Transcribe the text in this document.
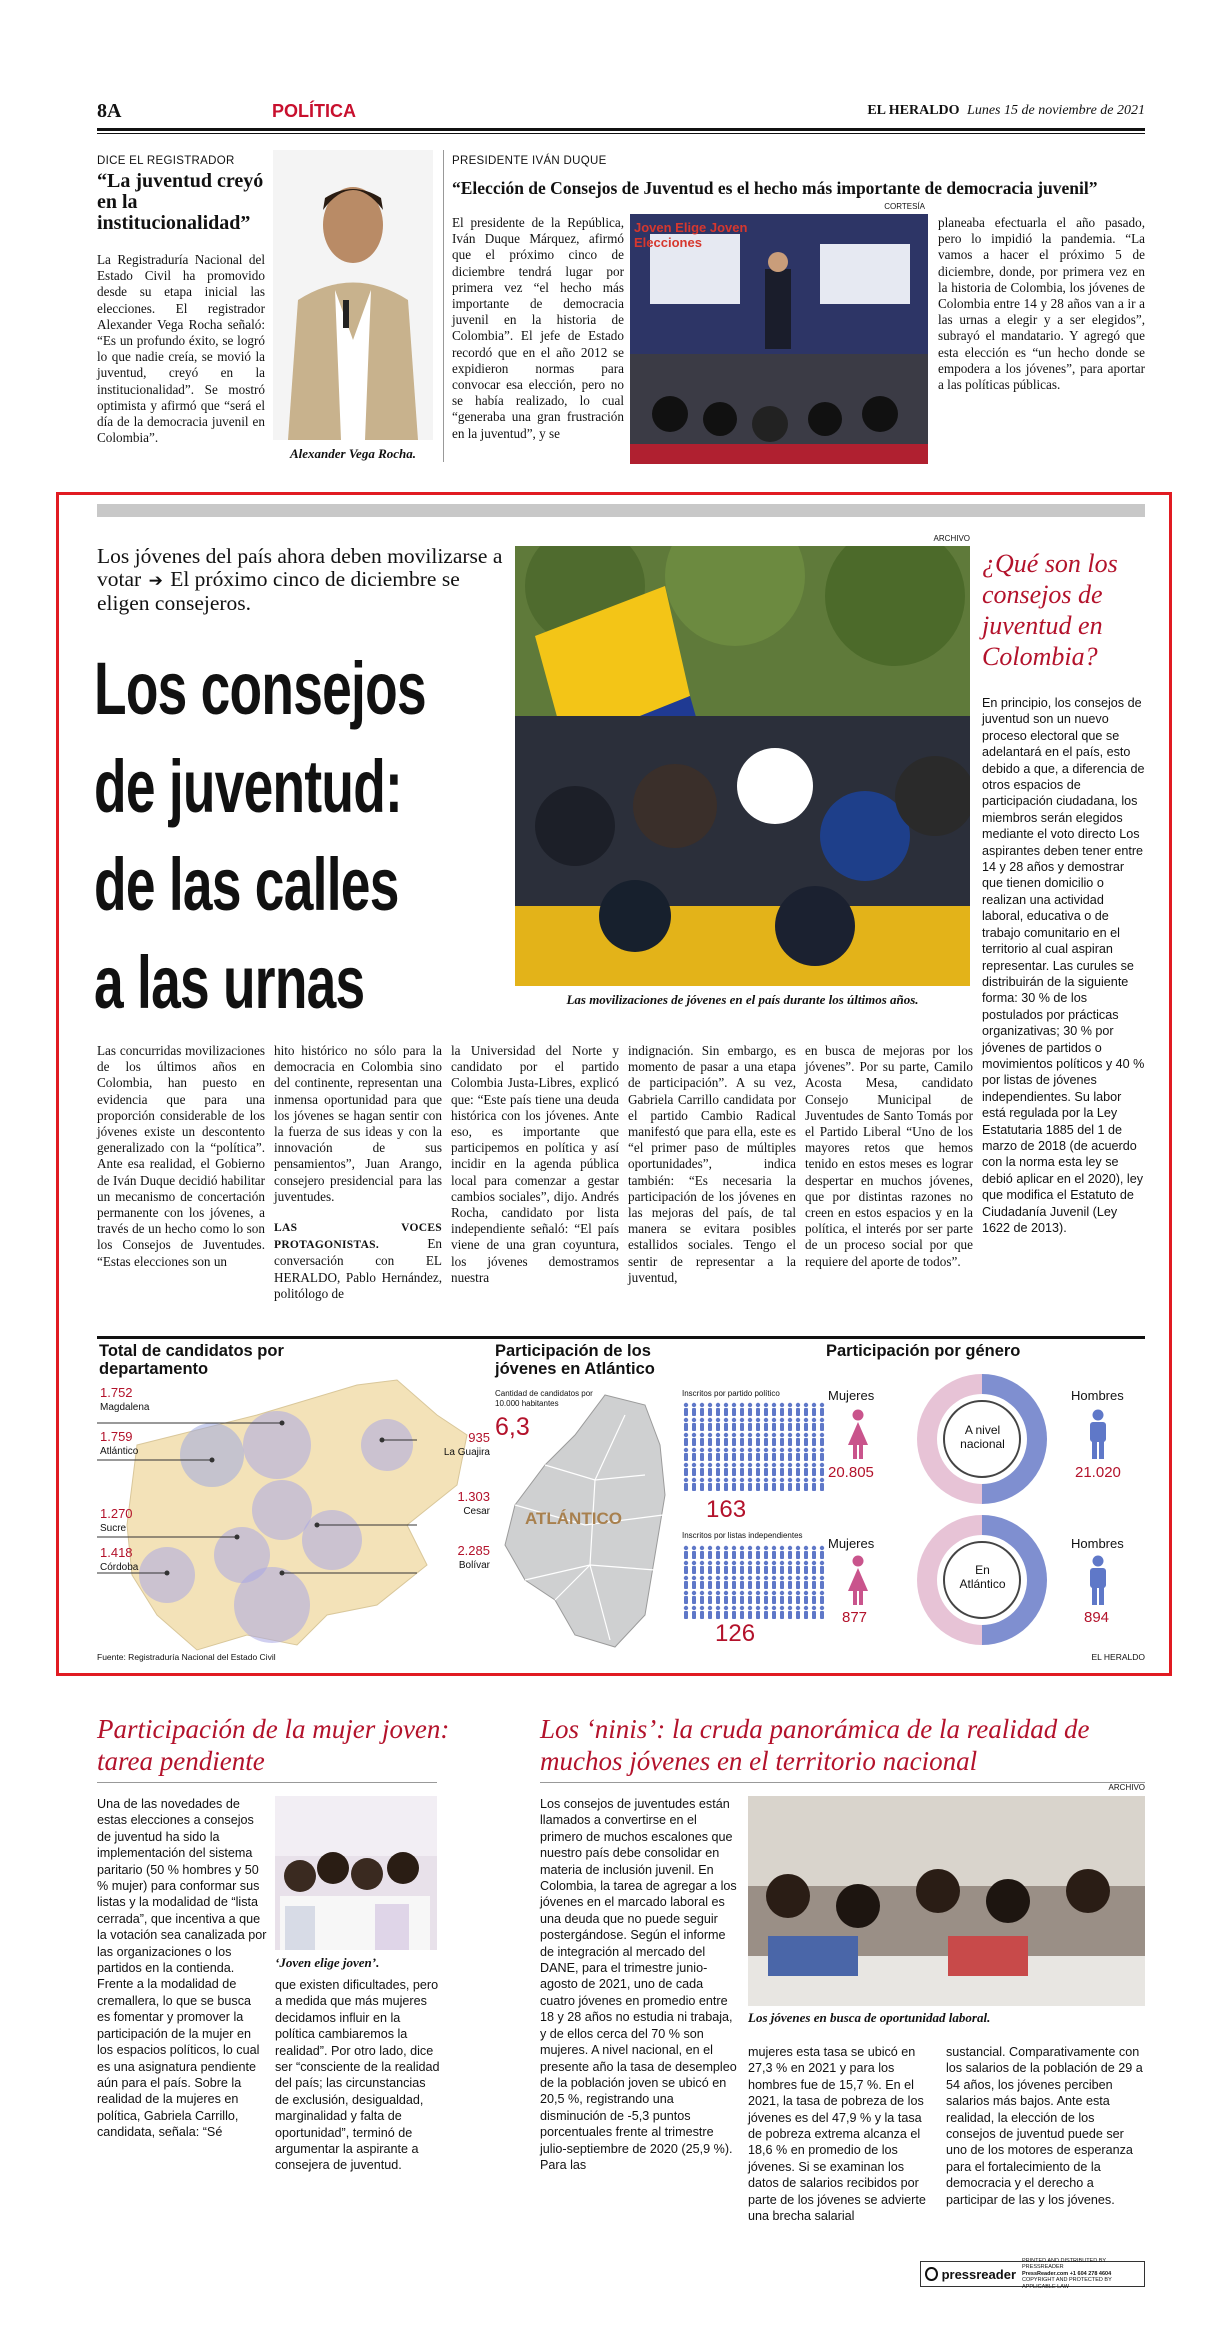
8A	POLÍTICA	EL HERALDO Lunes 15 de noviembre de 2021
DICE EL REGISTRADOR
“La juventud creyó en la institucionalidad”
La Registraduría Nacional del Estado Civil ha promovido desde su etapa inicial las elecciones. El registrador Alexander Vega Rocha señaló: “Es un profundo éxito, se logró lo que nadie creía, se movió la juventud, creyó en la institucionalidad”. Se mostró optimista y afirmó que “será el día de la democracia juvenil en Colombia”.
Alexander Vega Rocha.
PRESIDENTE IVÁN DUQUE
“Elección de Consejos de Juventud es el hecho más importante de democracia juvenil”
CORTESÍA
El presidente de la República, Iván Duque Márquez, afirmó que el próximo cinco de diciembre tendrá lugar por primera vez “el hecho más importante de democracia juvenil en la historia de Colombia”. El jefe de Estado recordó que en el año 2012 se expidieron normas para convocar esa elección, pero no se había realizado, lo cual “generaba una gran frustración en la juventud”, y se
Joven Elige Joven Elecciones
planeaba efectuarla el año pasado, pero lo impidió la pandemia. “La vamos a hacer el próximo 5 de diciembre, donde, por primera vez en la historia de Colombia, los jóvenes de Colombia entre 14 y 28 años van a ir a las urnas a elegir y a ser elegidos”, subrayó el mandatario. Y agregó que esta elección es “un hecho donde se empodera a los jóvenes”, para aportar a las políticas públicas.
Los jóvenes del país ahora deben movilizarse a votar ➔ El próximo cinco de diciembre se eligen consejeros.
Los consejos
de juventud:
de las calles
a las urnas
ARCHIVO
Las movilizaciones de jóvenes en el país durante los últimos años.
Las concurridas movilizaciones de los últimos años en Colombia, han puesto en evidencia que para una proporción considerable de los jóvenes existe un descontento generalizado con la “política”. Ante esa realidad, el Gobierno de Iván Duque decidió habilitar un mecanismo de concertación permanente con los jóvenes, a través de un hecho como lo son los Consejos de Juventudes. “Estas elecciones son un
hito histórico no sólo para la democracia en Colombia sino del continente, representan una inmensa oportunidad para que los jóvenes se hagan sentir con la fuerza de sus ideas y con la innovación de sus pensamientos”, Juan Arango, consejero presidencial para las juventudes.
LAS VOCES PROTAGONISTAS.	En conversación con EL HERALDO, Pablo Hernández, politólogo de
la Universidad del Norte y candidato por el partido Colombia Justa-Libres, explicó que: “Este país tiene una deuda histórica con los jóvenes. Ante eso, es importante que participemos en política y así incidir en la agenda pública local para comenzar a gestar cambios sociales”, dijo. Andrés Rocha, candidato por lista independiente señaló: “El país viene de una gran coyuntura, los jóvenes demostramos nuestra
indignación. Sin embargo, es momento de pasar a una etapa de participación”. A su vez, Gabriela Carrillo candidata por el partido Cambio Radical manifestó que para ella, este es “el primer paso de múltiples oportunidades”, indica también: “Es necesaria la participación de los jóvenes en las mejoras del país, de tal manera se evitara posibles estallidos sociales. Tengo el sentir de representar a la juventud,
en busca de mejoras por los jóvenes”. Por su parte, Camilo Acosta Mesa, candidato Consejo Municipal de Juventudes de Santo Tomás por el Partido Liberal “Uno de los mayores retos que hemos tenido en estos meses es lograr despertar en muchos jóvenes, que por distintas razones no creen en estos espacios y en la política, el interés por ser parte de un proceso social por que requiere del aporte de todos”.
¿Qué son los consejos de juventud en Colombia?
En principio, los consejos de juventud son un nuevo proceso electoral que se adelantará en el país, esto debido a que, a diferencia de otros espacios de participación ciudadana, los miembros serán elegidos mediante el voto directo Los aspirantes deben tener entre 14 y 28 años y demostrar que tienen domicilio o realizan una actividad laboral, educativa o de trabajo comunitario en el territorio al cual aspiran representar. Las curules se distribuirán de la siguiente forma: 30 % de los postulados por prácticas organizativas; 30 % por jóvenes de partidos o movimientos políticos y 40 % por listas de jóvenes independientes. Su labor está regulada por la Ley Estatutaria 1885 del 1 de marzo de 2018 (de acuerdo con la norma esta ley se debió aplicar en el 2020), ley que modifica el Estatuto de Ciudadanía Juvenil (Ley 1622 de 2013).
Total de candidatos por departamento
1.752
Magdalena
1.759
Atlántico
1.270
Sucre
1.418
Córdoba
935
La Guajira
1.303
Cesar
2.285
Bolívar
Participación de los jóvenes en Atlántico
Cantidad de candidatos por 10.000 habitantes
6,3
ATLÁNTICO
Inscritos por partido político
163
Inscritos por listas independientes
126
Participación por género
Mujeres
20.805
A nivel nacional
Hombres
21.020
Mujeres
877
En Atlántico
Hombres
894
Fuente: Registraduría Nacional del Estado Civil	EL HERALDO
Participación de la mujer joven: tarea pendiente
Una de las novedades de estas elecciones a consejos de juventud ha sido la implementación del sistema paritario (50 % hombres y 50 % mujer) para conformar sus listas y la modalidad de “lista cerrada”, que incentiva a que la votación sea canalizada por las organizaciones o los partidos en la contienda. Frente a la modalidad de cremallera, lo que se busca es fomentar y promover la participación de la mujer en los espacios políticos, lo cual es una asignatura pendiente aún para el país. Sobre la realidad de la mujeres en política, Gabriela Carrillo, candidata, señala: “Sé
‘Joven elige joven’.
que existen dificultades, pero a medida que más mujeres decidamos influir en la política cambiaremos la realidad”. Por otro lado, dice ser “consciente de la realidad del país; las circunstancias de exclusión, desigualdad, marginalidad y falta de oportunidad”, terminó de argumentar la aspirante a consejera de juventud.
Los ‘ninis’: la cruda panorámica de la realidad de muchos jóvenes en el territorio nacional
ARCHIVO
Los consejos de juventudes están llamados a convertirse en el primero de muchos escalones que nuestro país debe consolidar en materia de inclusión juvenil. En Colombia, la tarea de agregar a los jóvenes en el marcado laboral es una deuda que no puede seguir postergándose. Según el informe de integración al mercado del DANE, para el trimestre junio-agosto de 2021, uno de cada cuatro jóvenes en promedio entre 18 y 28 años no estudia ni trabaja, y de ellos cerca del 70 % son mujeres. A nivel nacional, en el presente año la tasa de desempleo de la población joven se ubicó en 20,5 %, registrando una disminución de -5,3 puntos porcentuales frente al trimestre julio-septiembre de 2020 (25,9 %). Para las
Los jóvenes en busca de oportunidad laboral.
mujeres esta tasa se ubicó en 27,3 % en 2021 y para los hombres fue de 15,7 %. En el 2021, la tasa de pobreza de los jóvenes es del 47,9 % y la tasa de pobreza extrema alcanza el 18,6 % en promedio de los jóvenes. Si se examinan los datos de salarios recibidos por parte de los jóvenes se advierte una brecha salarial
sustancial. Comparativamente con los salarios de la población de 29 a 54 años, los jóvenes perciben salarios más bajos. Ante esta realidad, la elección de los consejos de juventud puede ser uno de los motores de esperanza para el fortalecimiento de la democracia y el derecho a participar de las y los jóvenes.
pressreader
PRINTED AND DISTRIBUTED BY PRESSREADER
PressReader.com +1 604 278 4604
COPYRIGHT AND PROTECTED BY APPLICABLE LAW
